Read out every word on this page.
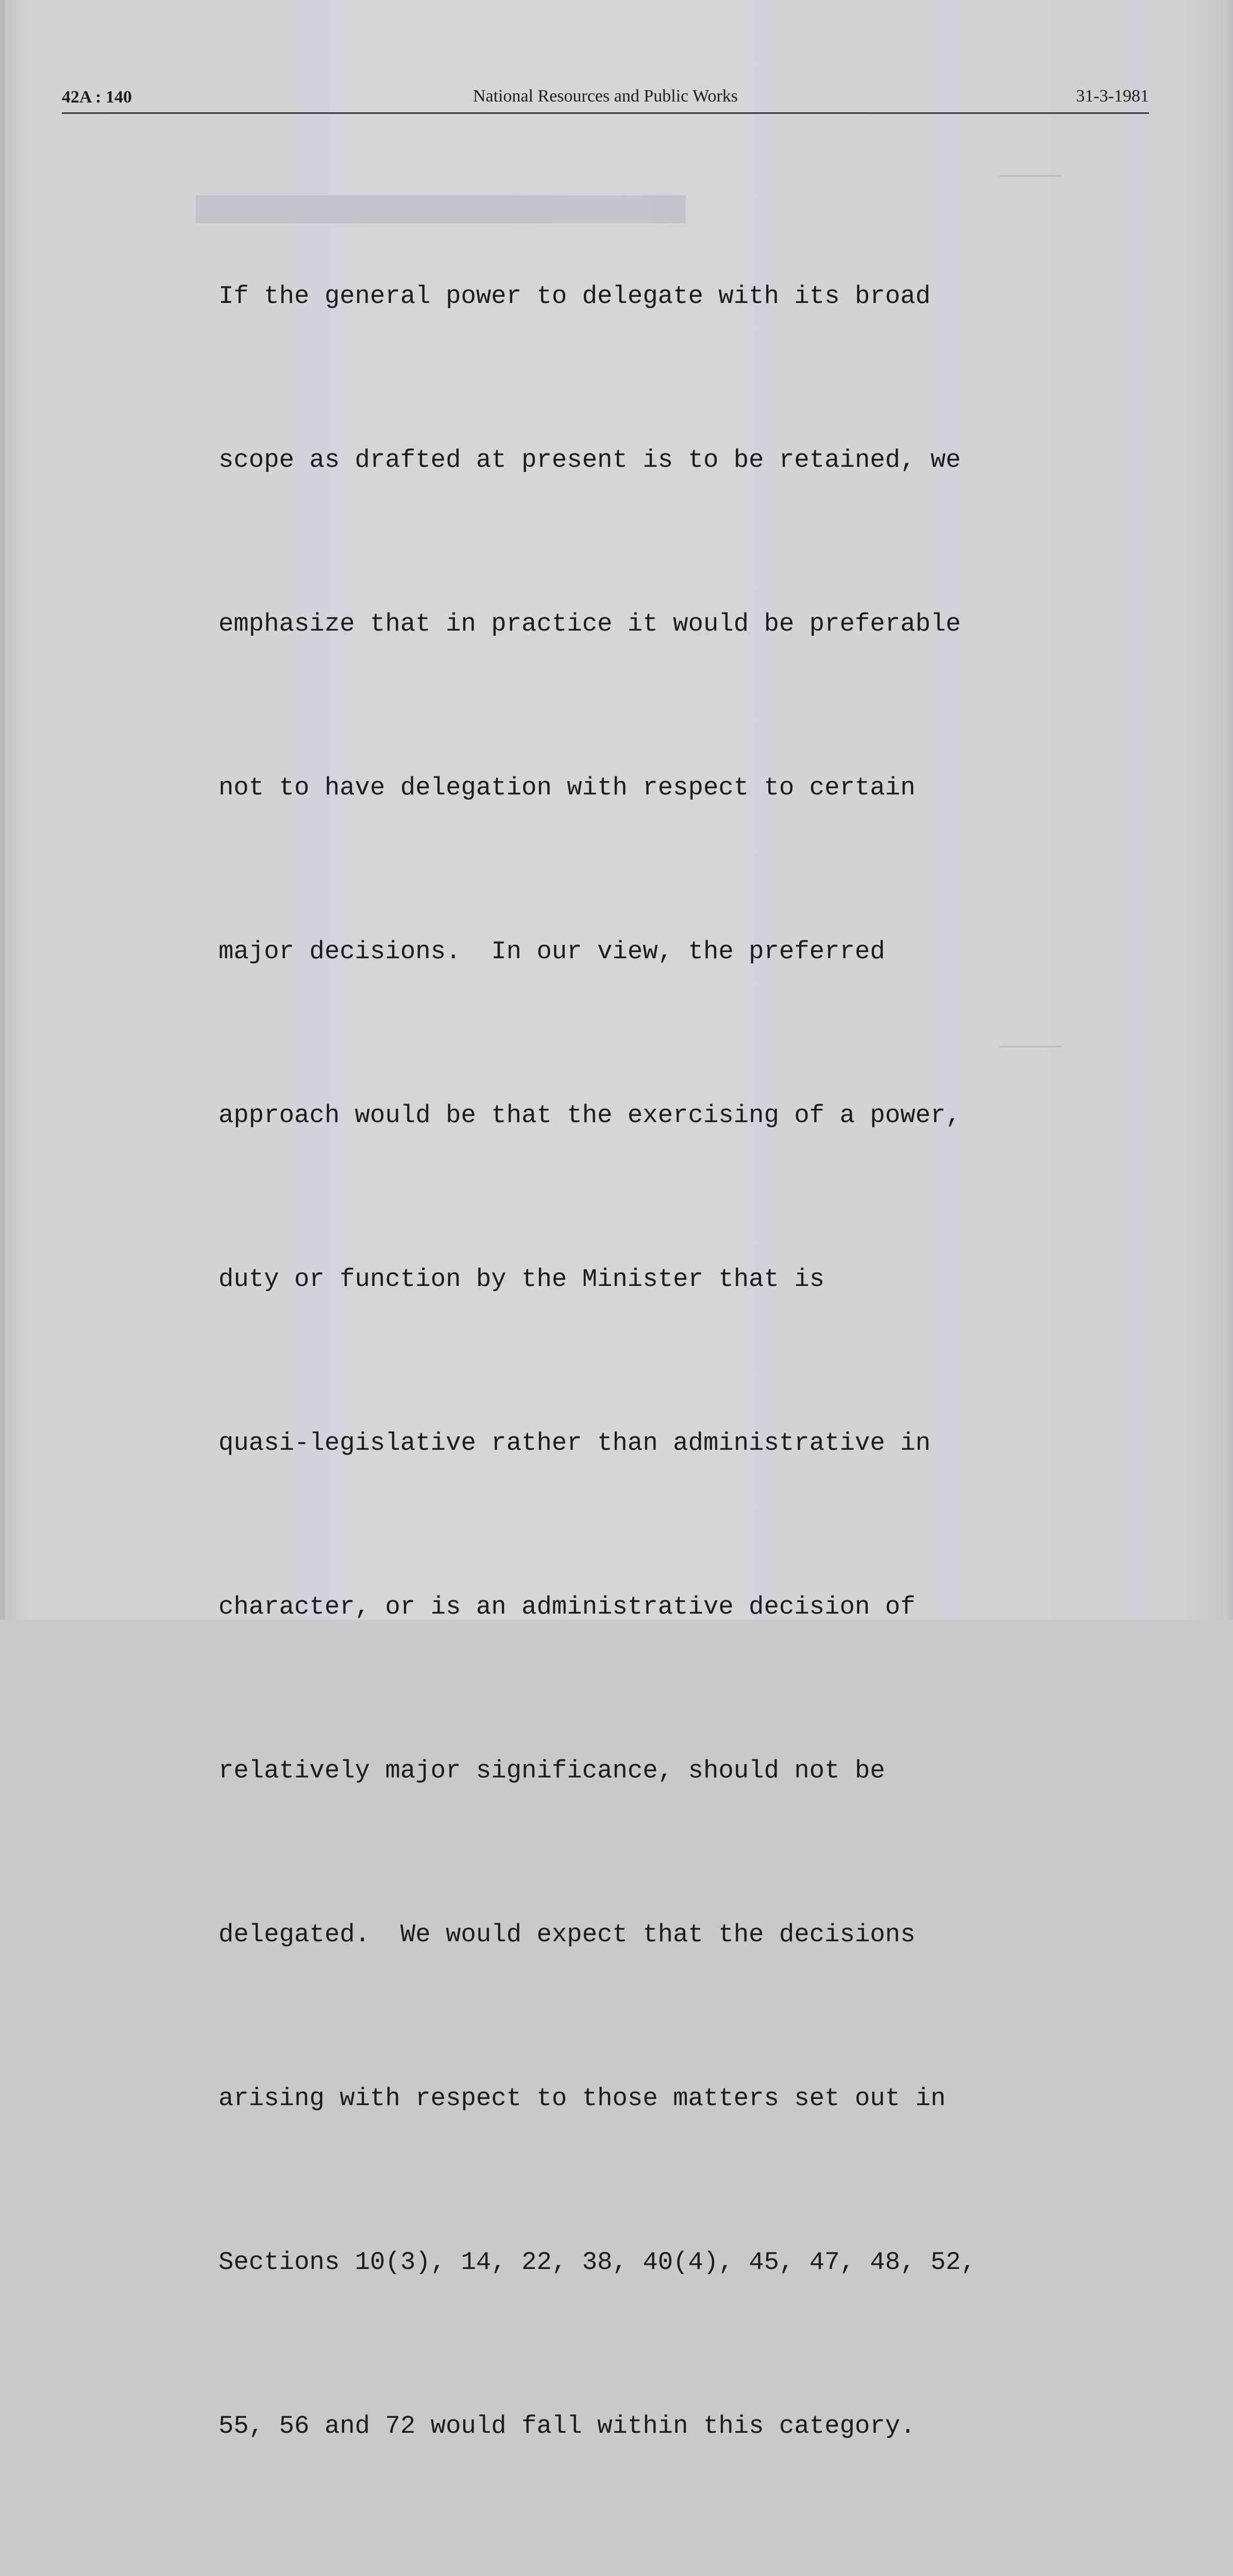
█████████████████████████████████
42A : 140	National Resources and Public Works	31-3-1981

If the general power to delegate with its broad

scope as drafted at present is to be retained, we

emphasize that in practice it would be preferable

not to have delegation with respect to certain

major decisions.  In our view, the preferred

approach would be that the exercising of a power,

duty or function by the Minister that is

quasi-legislative rather than administrative in

character, or is an administrative decision of

relatively major significance, should not be

delegated.  We would expect that the decisions

arising with respect to those matters set out in

Sections 10(3), 14, 22, 38, 40(4), 45, 47, 48, 52,

55, 56 and 72 would fall within this category.
